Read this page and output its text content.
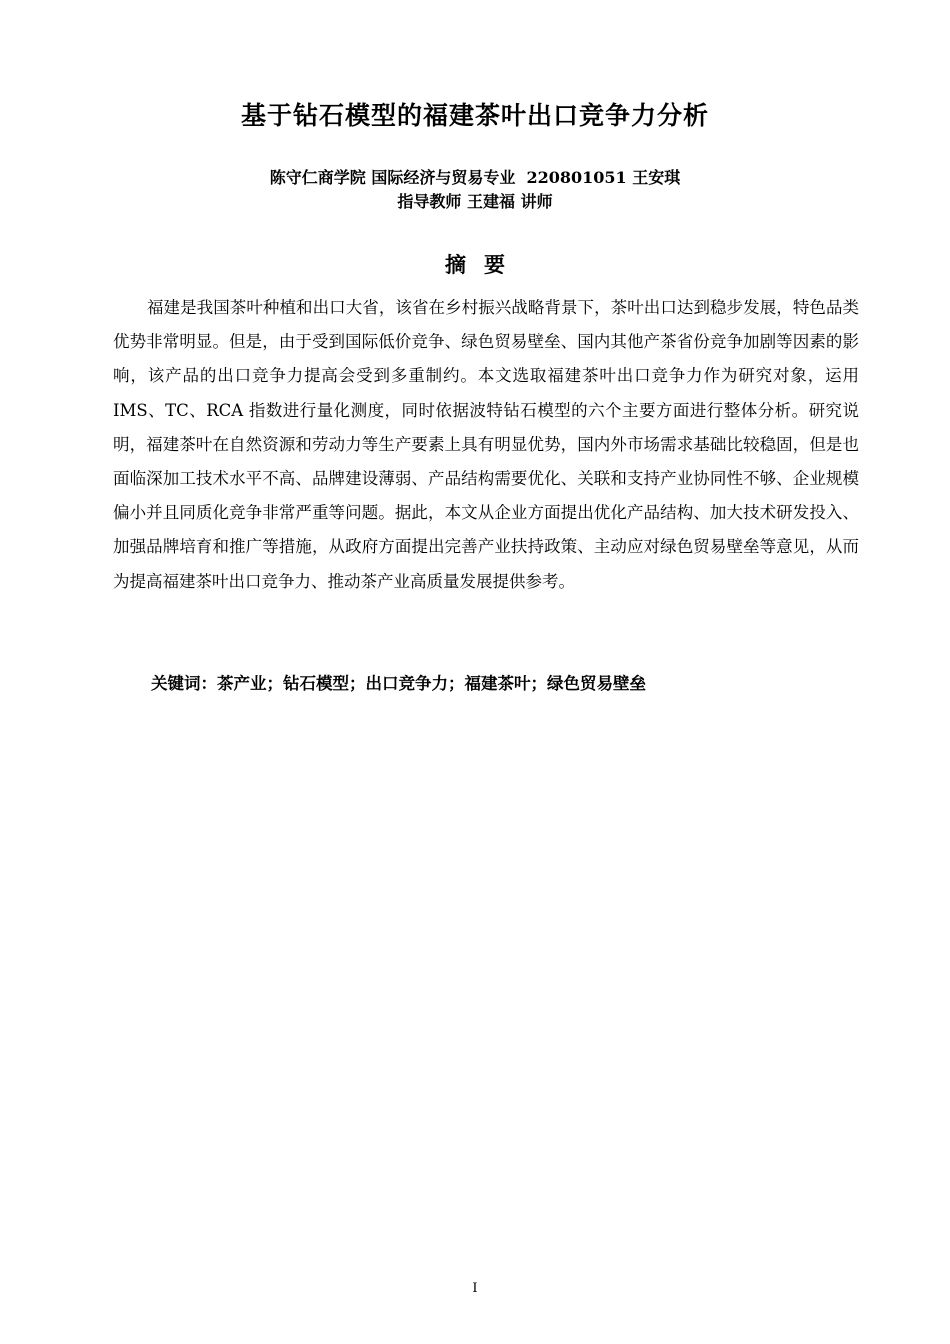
基于钻石模型的福建茶叶出口竞争力分析
陈守仁商学院 国际经济与贸易专业  220801051 王安琪
指导教师 王建福 讲师
摘要

福建是我国茶叶种植和出口大省，该省在乡村振兴战略背景下，茶叶出口达到稳步发展，特色品类优势非常明显。但是，由于受到国际低价竞争、绿色贸易壁垒、国内其他产茶省份竞争加剧等因素的影响，该产品的出口竞争力提高会受到多重制约。本文选取福建茶叶出口竞争力作为研究对象，运用 IMS、TC、RCA 指数进行量化测度，同时依据波特钻石模型的六个主要方面进行整体分析。研究说明，福建茶叶在自然资源和劳动力等生产要素上具有明显优势，国内外市场需求基础比较稳固，但是也面临深加工技术水平不高、品牌建设薄弱、产品结构需要优化、关联和支持产业协同性不够、企业规模偏小并且同质化竞争非常严重等问题。据此，本文从企业方面提出优化产品结构、加大技术研发投入、加强品牌培育和推广等措施，从政府方面提出完善产业扶持政策、主动应对绿色贸易壁垒等意见，从而为提高福建茶叶出口竞争力、推动茶产业高质量发展提供参考。

关键词：茶产业；钻石模型；出口竞争力；福建茶叶；绿色贸易壁垒
I
